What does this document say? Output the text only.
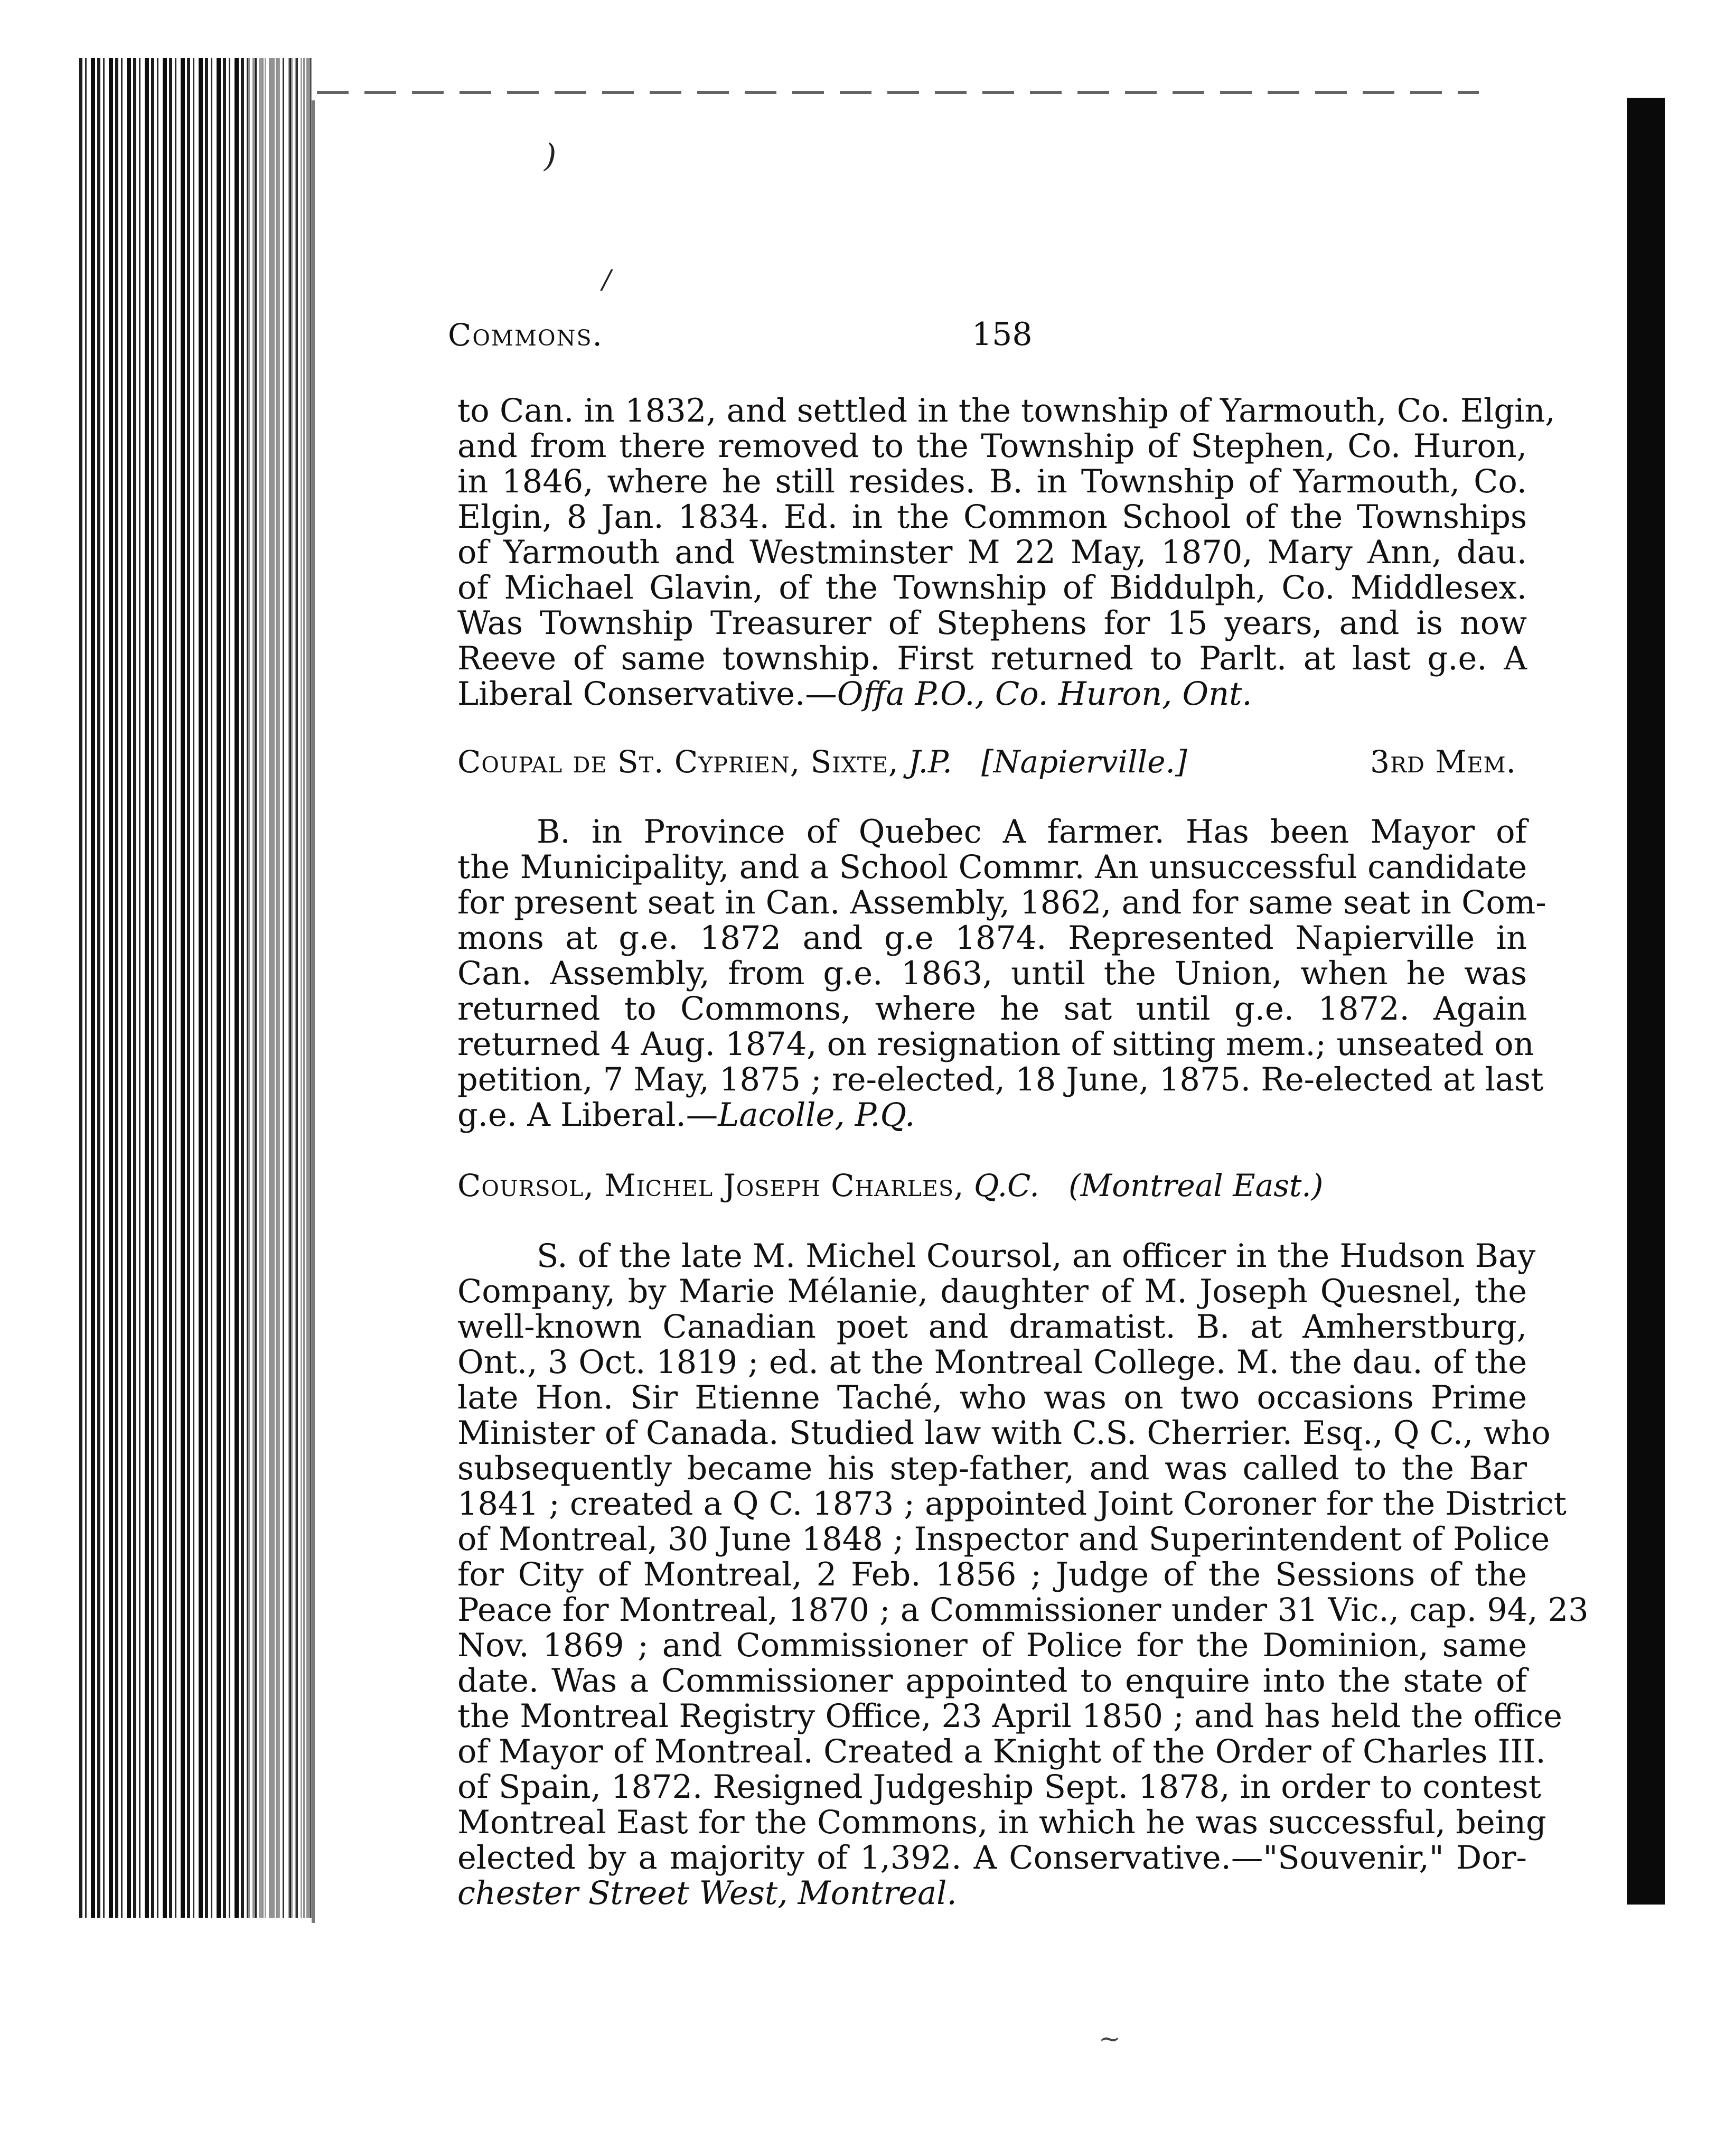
)
/
~
Commons.	158
to Can. in 1832, and settled in the township of Yarmouth, Co. Elgin,
and from there removed to the Township of Stephen, Co. Huron,
in 1846, where he still resides. B. in Township of Yarmouth, Co.
Elgin, 8 Jan. 1834. Ed. in the Common School of the Townships
of Yarmouth and Westminster M 22 May, 1870, Mary Ann, dau.
of Michael Glavin, of the Township of Biddulph, Co. Middlesex.
Was Township Treasurer of Stephens for 15 years, and is now
Reeve of same township. First returned to Parlt. at last g.e. A
Liberal Conservative.—Offa P.O., Co. Huron, Ont.
Coupal de St. Cyprien, Sixte, J.P. [Napierville.]	3rd Mem.
B. in Province of Quebec A farmer. Has been Mayor of
the Municipality, and a School Commr. An unsuccessful candidate
for present seat in Can. Assembly, 1862, and for same seat in Com-
mons at g.e. 1872 and g.e 1874. Represented Napierville in
Can. Assembly, from g.e. 1863, until the Union, when he was
returned to Commons, where he sat until g.e. 1872. Again
returned 4 Aug. 1874, on resignation of sitting mem.; unseated on
petition, 7 May, 1875 ; re-elected, 18 June, 1875. Re-elected at last
g.e. A Liberal.—Lacolle, P.Q.
Coursol, Michel Joseph Charles, Q.C. (Montreal East.)
S. of the late M. Michel Coursol, an officer in the Hudson Bay
Company, by Marie Mélanie, daughter of M. Joseph Quesnel, the
well-known Canadian poet and dramatist. B. at Amherstburg,
Ont., 3 Oct. 1819 ; ed. at the Montreal College. M. the dau. of the
late Hon. Sir Etienne Taché, who was on two occasions Prime
Minister of Canada. Studied law with C.S. Cherrier. Esq., Q C., who
subsequently became his step-father, and was called to the Bar
1841 ; created a Q C. 1873 ; appointed Joint Coroner for the District
of Montreal, 30 June 1848 ; Inspector and Superintendent of Police
for City of Montreal, 2 Feb. 1856 ; Judge of the Sessions of the
Peace for Montreal, 1870 ; a Commissioner under 31 Vic., cap. 94, 23
Nov. 1869 ; and Commissioner of Police for the Dominion, same
date. Was a Commissioner appointed to enquire into the state of
the Montreal Registry Office, 23 April 1850 ; and has held the office
of Mayor of Montreal. Created a Knight of the Order of Charles III.
of Spain, 1872. Resigned Judgeship Sept. 1878, in order to contest
Montreal East for the Commons, in which he was successful, being
elected by a majority of 1,392. A Conservative.—"Souvenir," Dor-
chester Street West, Montreal.
